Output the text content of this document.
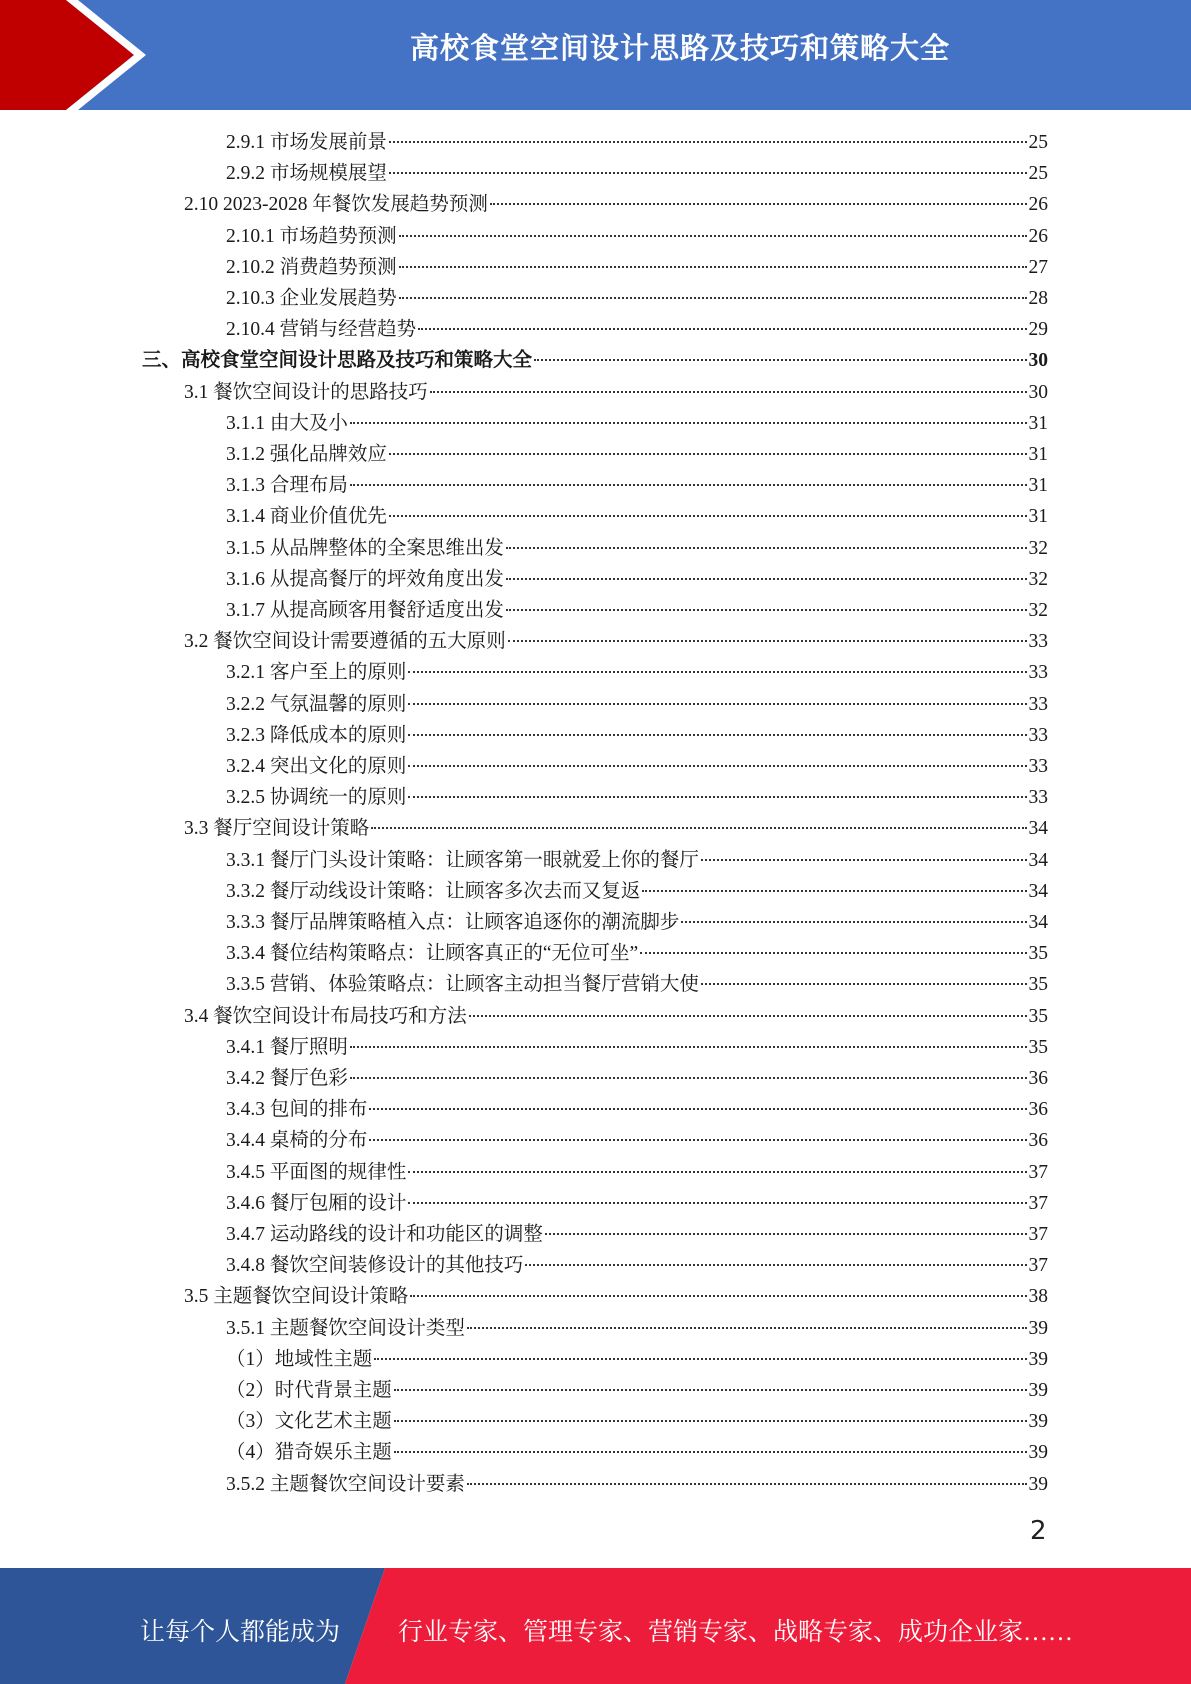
高校食堂空间设计思路及技巧和策略大全
2.9.1 市场发展前景	25
2.9.2 市场规模展望	25
2.10 2023-2028 年餐饮发展趋势预测	26
2.10.1 市场趋势预测	26
2.10.2 消费趋势预测	27
2.10.3 企业发展趋势	28
2.10.4 营销与经营趋势	29
三、高校食堂空间设计思路及技巧和策略大全	30
3.1 餐饮空间设计的思路技巧	30
3.1.1 由大及小	31
3.1.2 强化品牌效应	31
3.1.3 合理布局	31
3.1.4 商业价值优先	31
3.1.5 从品牌整体的全案思维出发	32
3.1.6 从提高餐厅的坪效角度出发	32
3.1.7 从提高顾客用餐舒适度出发	32
3.2 餐饮空间设计需要遵循的五大原则	33
3.2.1 客户至上的原则	33
3.2.2 气氛温馨的原则	33
3.2.3 降低成本的原则	33
3.2.4 突出文化的原则	33
3.2.5 协调统一的原则	33
3.3 餐厅空间设计策略	34
3.3.1 餐厅门头设计策略：让顾客第一眼就爱上你的餐厅	34
3.3.2 餐厅动线设计策略：让顾客多次去而又复返	34
3.3.3 餐厅品牌策略植入点：让顾客追逐你的潮流脚步	34
3.3.4 餐位结构策略点：让顾客真正的“无位可坐”	35
3.3.5 营销、体验策略点：让顾客主动担当餐厅营销大使	35
3.4 餐饮空间设计布局技巧和方法	35
3.4.1 餐厅照明	35
3.4.2 餐厅色彩	36
3.4.3 包间的排布	36
3.4.4 桌椅的分布	36
3.4.5 平面图的规律性	37
3.4.6 餐厅包厢的设计	37
3.4.7 运动路线的设计和功能区的调整	37
3.4.8 餐饮空间装修设计的其他技巧	37
3.5 主题餐饮空间设计策略	38
3.5.1 主题餐饮空间设计类型	39
（1）地域性主题	39
（2）时代背景主题	39
（3）文化艺术主题	39
（4）猎奇娱乐主题	39
3.5.2 主题餐饮空间设计要素	39
2
让每个人都能成为 行业专家、管理专家、营销专家、战略专家、成功企业家……
